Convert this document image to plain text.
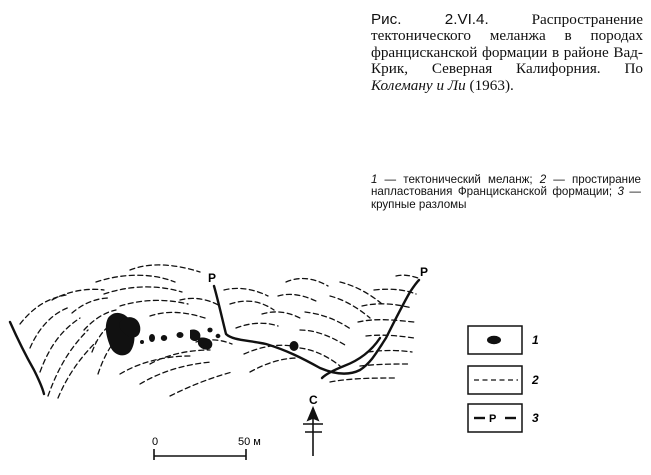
Рис. 2.VI.4.	Распространение тектонического меланжа в породах францисканской формации в районе Вад-Крик, Северная Калифорния. По Колеману и Ли (1963).
1 — тектонический меланж; 2 — простирание напластования Францисканской формации; 3 — крупные разломы
P	P
С
0	50 м
1
2
P	3
